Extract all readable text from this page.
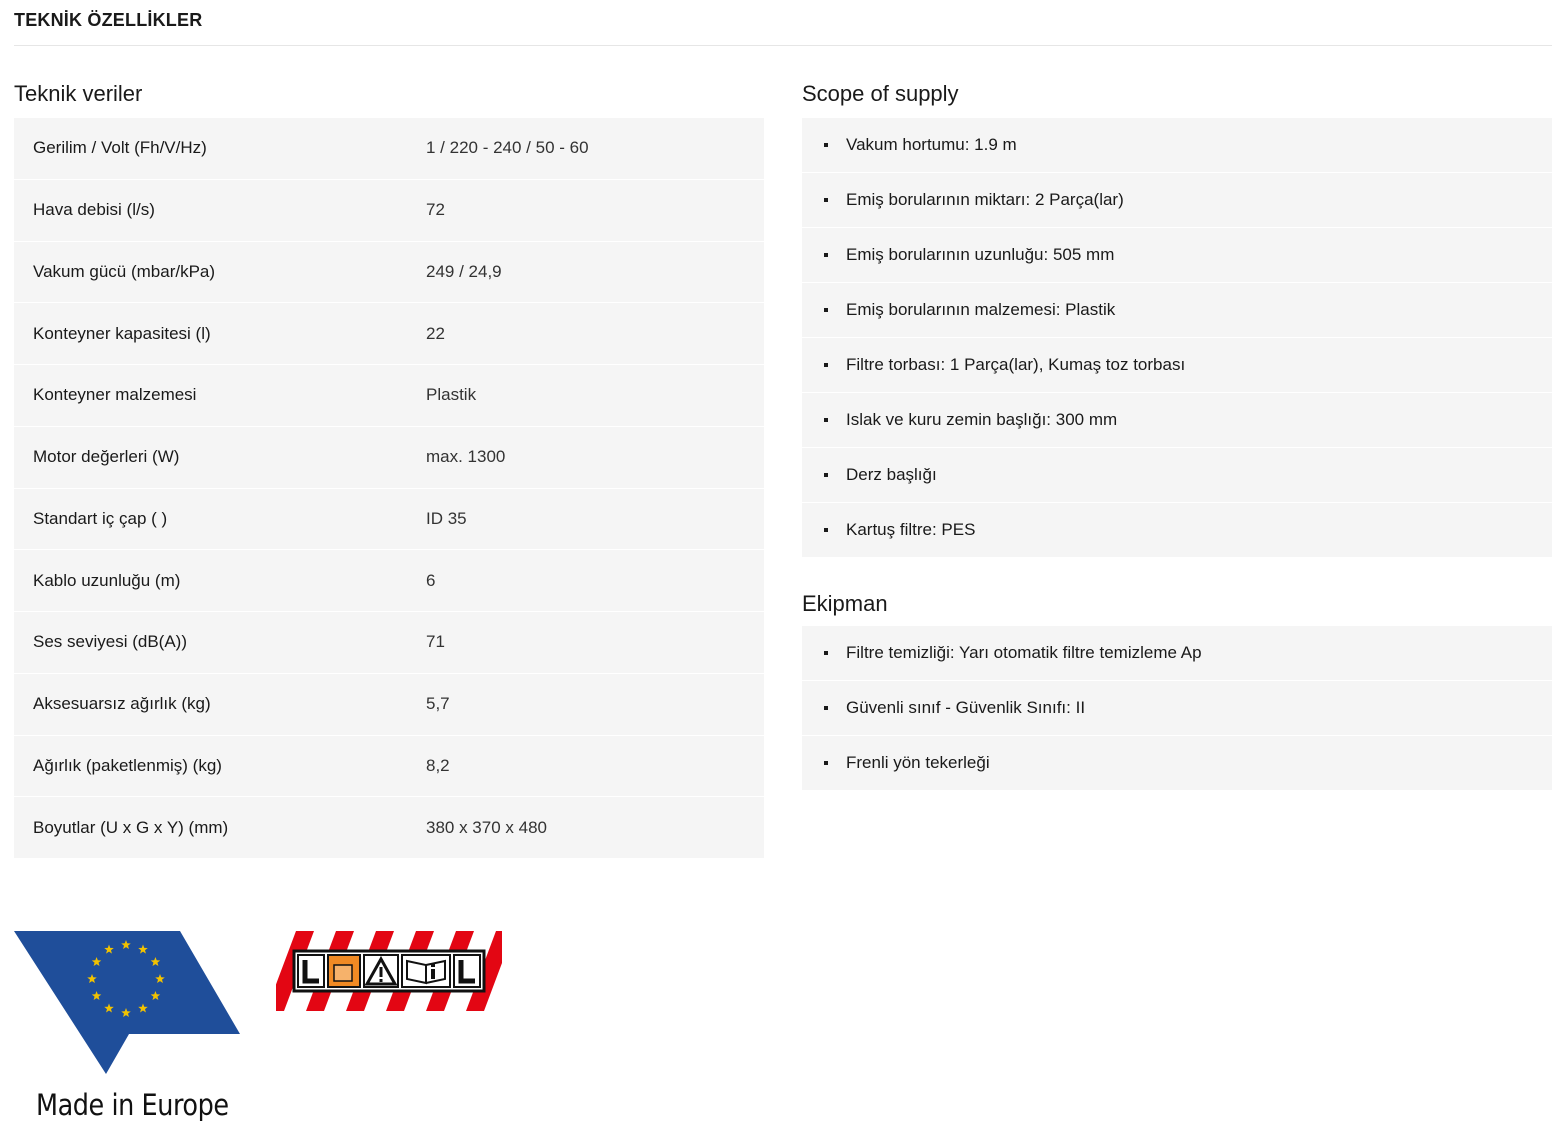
TEKNİK ÖZELLİKLER
Teknik veriler
Gerilim / Volt (Fh/V/Hz)	1 / 220 - 240 / 50 - 60
Hava debisi (l/s)	72
Vakum gücü (mbar/kPa)	249 / 24,9
Konteyner kapasitesi (l)	22
Konteyner malzemesi	Plastik
Motor değerleri (W)	max. 1300
Standart iç çap ( )	ID 35
Kablo uzunluğu (m)	6
Ses seviyesi (dB(A))	71
Aksesuarsız ağırlık (kg)	5,7
Ağırlık (paketlenmiş) (kg)	8,2
Boyutlar (U x G x Y) (mm)	380 x 370 x 480
Scope of supply
Vakum hortumu: 1.9 m
Emiş borularının miktarı: 2 Parça(lar)
Emiş borularının uzunluğu: 505 mm
Emiş borularının malzemesi: Plastik
Filtre torbası: 1 Parça(lar), Kumaş toz torbası
Islak ve kuru zemin başlığı: 300 mm
Derz başlığı
Kartuş filtre: PES
Ekipman
Filtre temizliği: Yarı otomatik filtre temizleme Ap
Güvenli sınıf - Güvenlik Sınıfı: II
Frenli yön tekerleği
Made in Europe
